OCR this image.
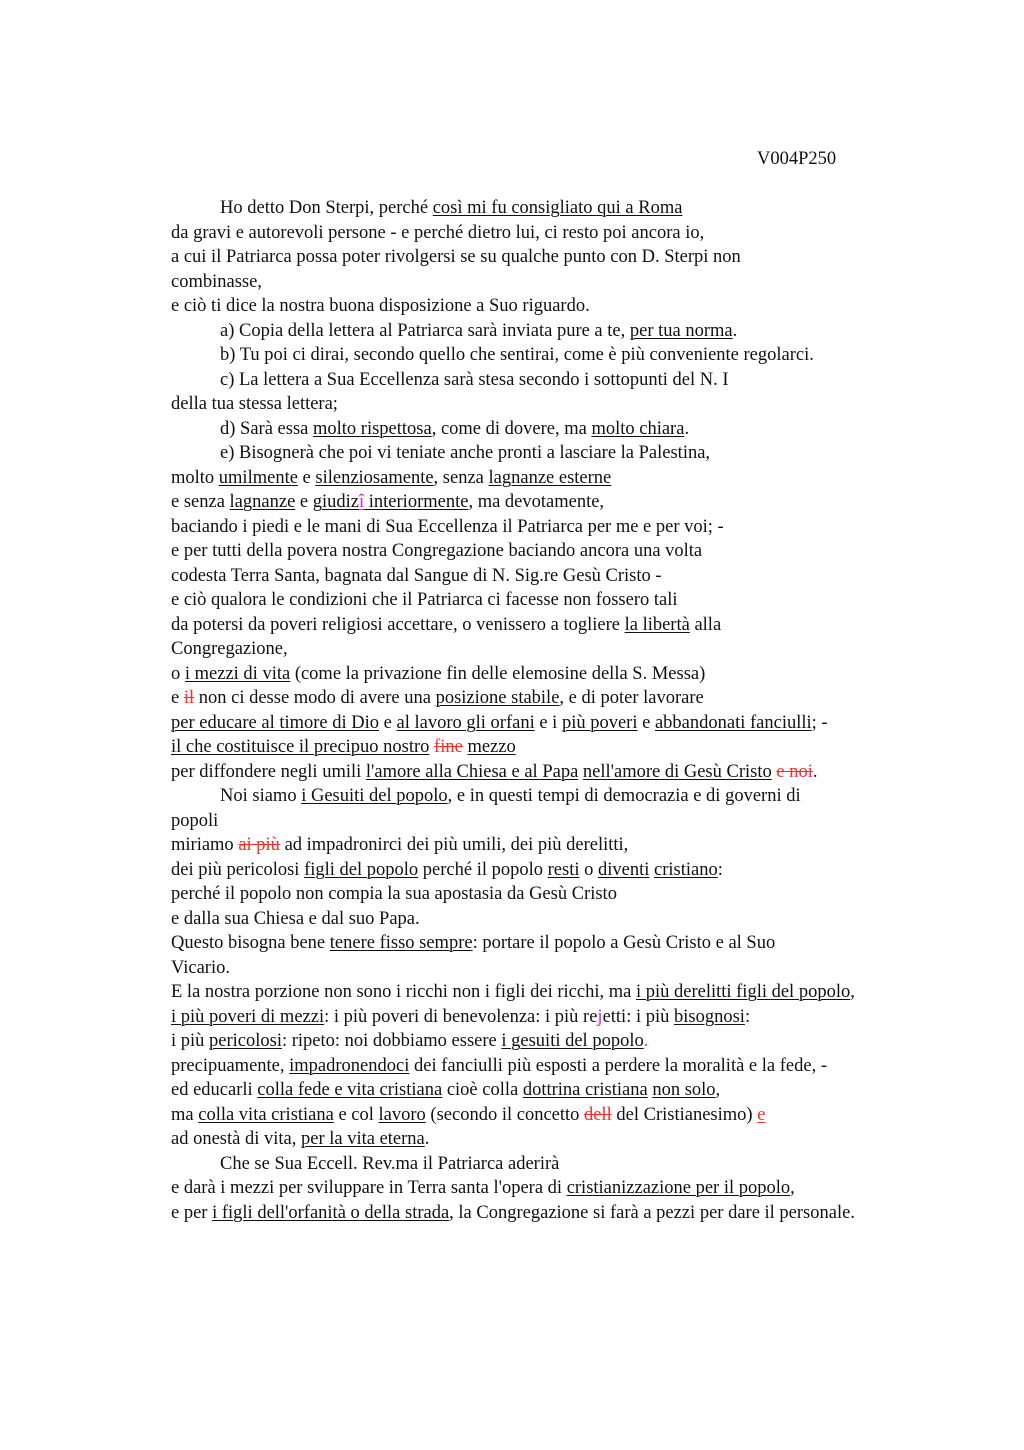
V004P250
Ho detto Don Sterpi, perché così mi fu consigliato qui a Roma
da gravi e autorevoli persone - e perché dietro lui, ci resto poi ancora io,
a cui il Patriarca possa poter rivolgersi se su qualche punto con D. Sterpi non
combinasse,
e ciò ti dice la nostra buona disposizione a Suo riguardo.
a) Copia della lettera al Patriarca sarà inviata pure a te, per tua norma.
b) Tu poi ci dirai, secondo quello che sentirai, come è più conveniente regolarci.
c) La lettera a Sua Eccellenza sarà stesa secondo i sottopunti del N. I
della tua stessa lettera;
d) Sarà essa molto rispettosa, come di dovere, ma molto chiara.
e) Bisognerà che poi vi teniate anche pronti a lasciare la Palestina,
molto umilmente e silenziosamente, senza lagnanze esterne
e senza lagnanze e giudizî interiormente, ma devotamente,
baciando i piedi e le mani di Sua Eccellenza il Patriarca per me e per voi; -
e per tutti della povera nostra Congregazione baciando ancora una volta
codesta Terra Santa, bagnata dal Sangue di N. Sig.re Gesù Cristo -
e ciò qualora le condizioni che il Patriarca ci facesse non fossero tali
da potersi da poveri religiosi accettare, o venissero a togliere la libertà alla
Congregazione,
o i mezzi di vita (come la privazione fin delle elemosine della S. Messa)
e il non ci desse modo di avere una posizione stabile, e di poter lavorare
per educare al timore di Dio e al lavoro gli orfani e i più poveri e abbandonati fanciulli; -
il che costituisce il precipuo nostro fine mezzo
per diffondere negli umili l'amore alla Chiesa e al Papa nell'amore di Gesù Cristo e noi.
Noi siamo i Gesuiti del popolo, e in questi tempi di democrazia e di governi di
popoli
miriamo ai più ad impadronirci dei più umili, dei più derelitti,
dei più pericolosi figli del popolo perché il popolo resti o diventi cristiano:
perché il popolo non compia la sua apostasia da Gesù Cristo
e dalla sua Chiesa e dal suo Papa.
Questo bisogna bene tenere fisso sempre: portare il popolo a Gesù Cristo e al Suo
Vicario.
E la nostra porzione non sono i ricchi non i figli dei ricchi, ma i più derelitti figli del popolo,
i più poveri di mezzi: i più poveri di benevolenza: i più rejetti: i più bisognosi:
i più pericolosi: ripeto: noi dobbiamo essere i gesuiti del popolo.
precipuamente, impadronendoci dei fanciulli più esposti a perdere la moralità e la fede, -
ed educarli colla fede e vita cristiana cioè colla dottrina cristiana non solo,
ma colla vita cristiana e col lavoro (secondo il concetto dell del Cristianesimo) e
ad onestà di vita, per la vita eterna.
Che se Sua Eccell. Rev.ma il Patriarca aderirà
e darà i mezzi per sviluppare in Terra santa l'opera di cristianizzazione per il popolo,
e per i figli dell'orfanità o della strada, la Congregazione si farà a pezzi per dare il personale.
